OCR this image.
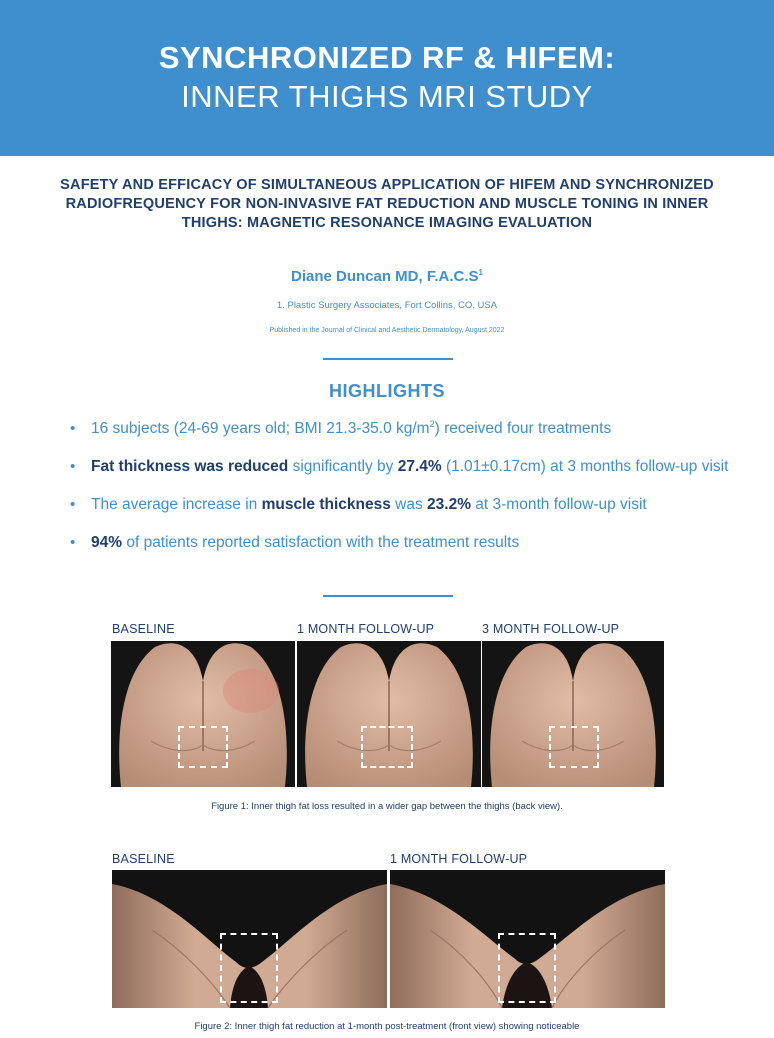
SYNCHRONIZED RF & HIFEM:
INNER THIGHS MRI STUDY
SAFETY AND EFFICACY OF SIMULTANEOUS APPLICATION OF HIFEM AND SYNCHRONIZED RADIOFREQUENCY FOR NON-INVASIVE FAT REDUCTION AND MUSCLE TONING IN INNER THIGHS: MAGNETIC RESONANCE IMAGING EVALUATION
Diane Duncan MD, $F.A.C.S^1$
1. Plastic Surgery Associates, Fort Collins, CO, USA
Published in the Journal of Clinical and Aesthetic Dermatology, August 2022
HIGHLIGHTS
• 16 subjects (24-69 years old; BMI 21.3-35.0 $kg/m^2$) received four treatments
• Fat thickness was reduced significantly by 27.4% (1.01±0.17cm) at 3 months follow-up visit
• The average increase in muscle thickness was 23.2% at 3-month follow-up visit
• 94% of patients reported satisfaction with the treatment results
BASELINE	1 MONTH FOLLOW-UP	3 MONTH FOLLOW-UP
Figure 1: Inner thigh fat loss resulted in a wider gap between the thighs (back view).
BASELINE	1 MONTH FOLLOW-UP
Figure 2: Inner thigh fat reduction at 1-month post-treatment (front view) showing noticeable
